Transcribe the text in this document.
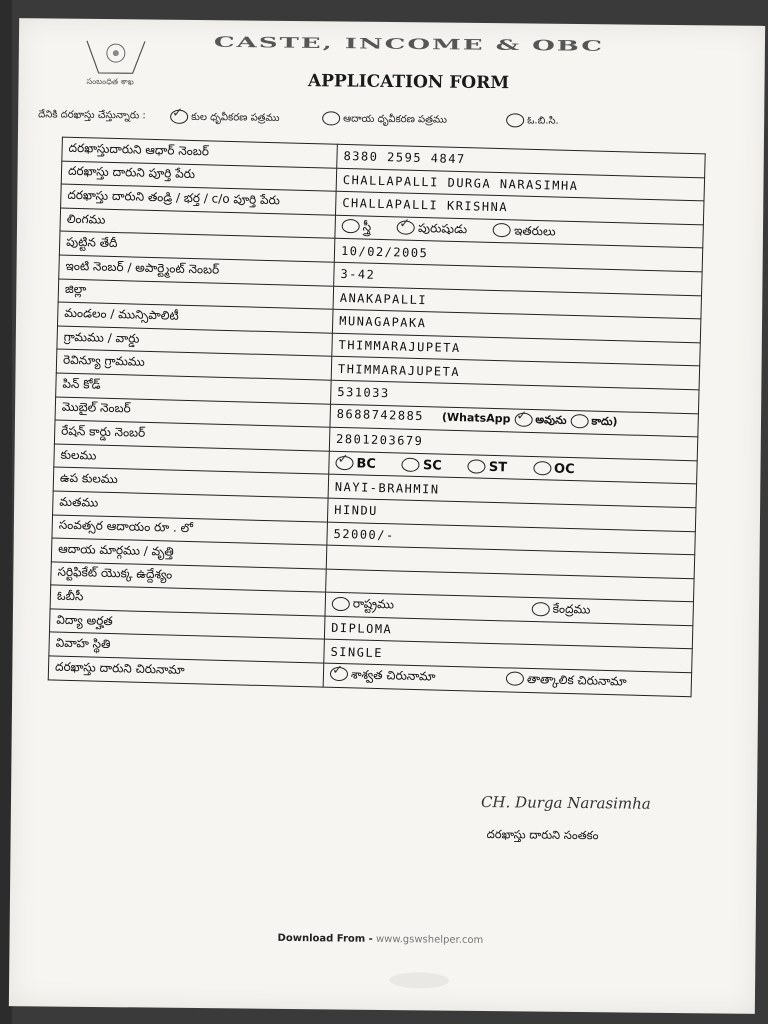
సంబంధిత శాఖ
CASTE, INCOME & OBC
APPLICATION FORM
దేనికి దరఖాస్తు చేస్తున్నారు : ✓	కుల ధృవీకరణ పత్రము	ఆదాయ ధృవీకరణ పత్రము	ఓ.బి.సి.
దరఖాస్తుదారుని ఆధార్ నెంబర్	8380 2595 4847
దరఖాస్తు దారుని పూర్తి పేరు	CHALLAPALLI DURGA NARASIMHA
దరఖాస్తు దారుని తండ్రి / భర్త / c/o పూర్తి పేరు	CHALLAPALLI KRISHNA
లింగము	స్త్రీ ✓ పురుషుడు ఇతరులు
పుట్టిన తేదీ	10/02/2005
ఇంటి నెంబర్ / అపార్ట్మెంట్ నెంబర్	3-42
జిల్లా	ANAKAPALLI
మండలం / మున్సిపాలిటీ	MUNAGAPAKA
గ్రామము / వార్డు	THIMMARAJUPETA
రెవిన్యూ గ్రామము	THIMMARAJUPETA
పిన్ కోడ్	531033
మొబైల్ నెంబర్	8688742885 (WhatsApp ✓ అవును కాదు)
రేషన్ కార్డు నెంబర్	2801203679
కులము	✓BC SC ST OC
ఉప కులము	NAYI-BRAHMIN
మతము	HINDU
సంవత్సర ఆదాయం రూ . లో	52000/-
ఆదాయ మార్గము / వృత్తి	
సర్టిఫికేట్ యొక్క ఉద్దేశ్యం	
ఓబీసీ	రాష్ట్రము కేంద్రము
విద్యా అర్హత	DIPLOMA
వివాహ స్థితి	SINGLE
దరఖాస్తు దారుని చిరునామా	✓శాశ్వత చిరునామా తాత్కాలిక చిరునామా
CH. Durga Narasimha
దరఖాస్తు దారుని సంతకం
Download From - www.gswshelper.com
